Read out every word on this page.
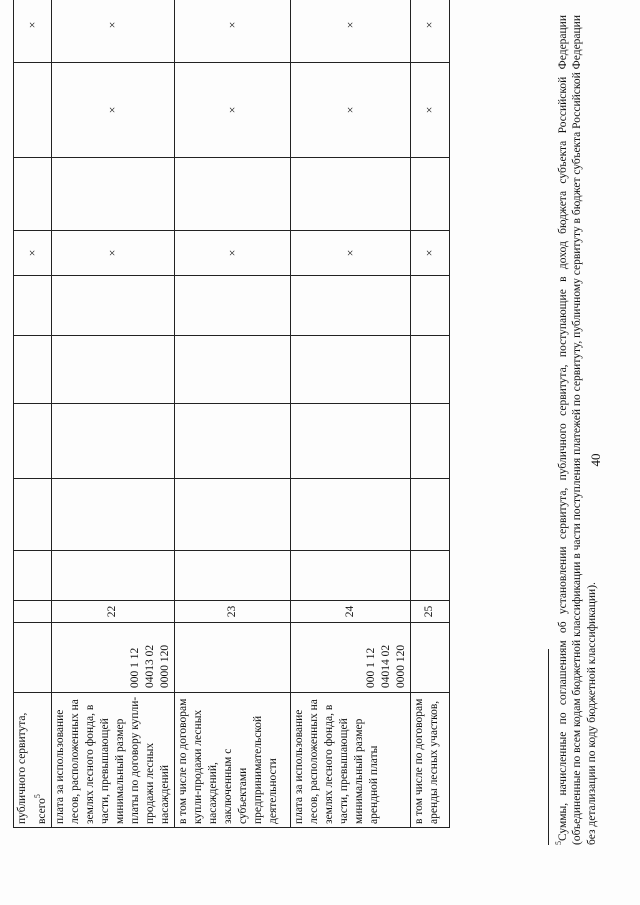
40
публичного сервитута, всего$^5$								×			×	
плата за использование лесов, расположенных на землях лесного фонда, в части, превышающей минимальный размер платы по договору купли-продажи лесных насаждений	000 1 12
04013 02
0000 120	22						×		×	×	
в том числе по договорам купли-продажи лесных насаждений, заключенным с субъектами предпринимательской деятельности		23						×		×	×	
плата за использование лесов, расположенных на землях лесного фонда, в части, превышающей минимальный размер арендной платы	000 1 12
04014 02
0000 120	24						×		×	×	
в том числе по договорам аренды лесных участков,		25						×		×	×	
$^5$Суммы, начисленные по соглашениям об установлении сервитута, публичного сервитута, поступающие в доход бюджета субъекта Российской Федерации (объединенные по всем кодам бюджетной классификации в части поступления платежей по сервитуту, публичному сервитуту в бюджет субъекта Российской Федерации без детализации по коду бюджетной классификации).
